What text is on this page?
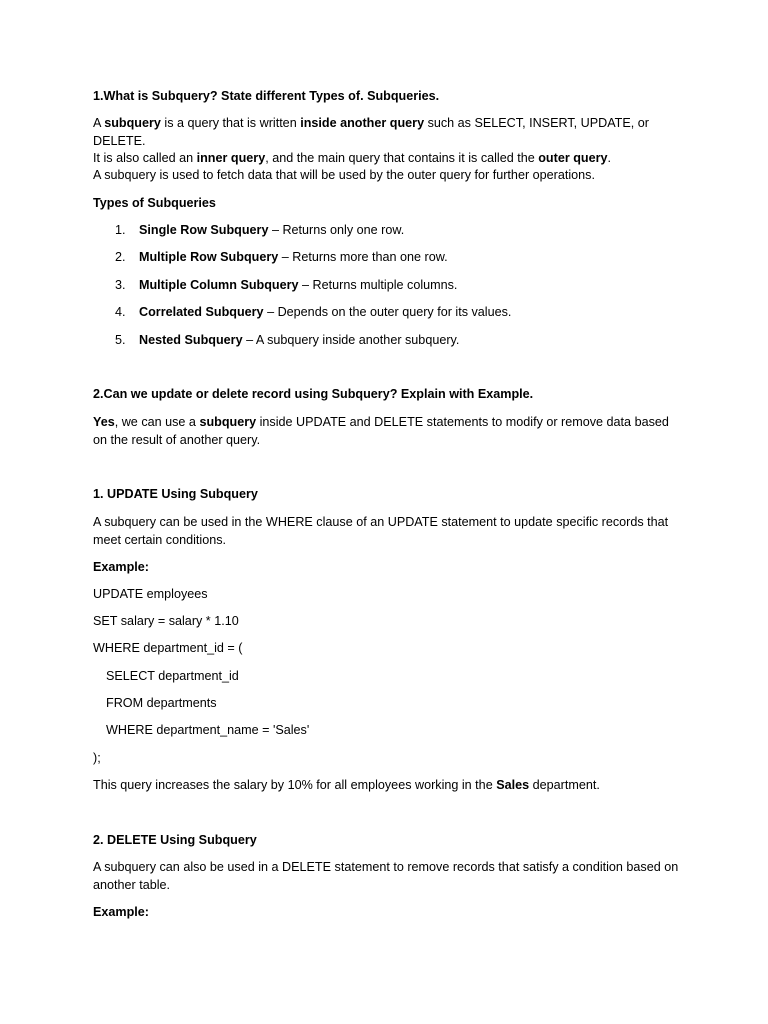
1.What is Subquery? State different Types of. Subqueries.

A subquery is a query that is written inside another query such as SELECT, INSERT, UPDATE, or DELETE.

It is also called an inner query, and the main query that contains it is called the outer query.

A subquery is used to fetch data that will be used by the outer query for further operations.

Types of Subqueries

1. Single Row Subquery – Returns only one row.

2. Multiple Row Subquery – Returns more than one row.

3. Multiple Column Subquery – Returns multiple columns.

4. Correlated Subquery – Depends on the outer query for its values.

5. Nested Subquery – A subquery inside another subquery.

2.Can we update or delete record using Subquery? Explain with Example.

Yes, we can use a subquery inside UPDATE and DELETE statements to modify or remove data based on the result of another query.

1. UPDATE Using Subquery

A subquery can be used in the WHERE clause of an UPDATE statement to update specific records that meet certain conditions.

Example:

UPDATE employees

SET salary = salary * 1.10

WHERE department_id = (

SELECT department_id

FROM departments

WHERE department_name = 'Sales'

);

This query increases the salary by 10% for all employees working in the Sales department.

2. DELETE Using Subquery

A subquery can also be used in a DELETE statement to remove records that satisfy a condition based on another table.

Example:
